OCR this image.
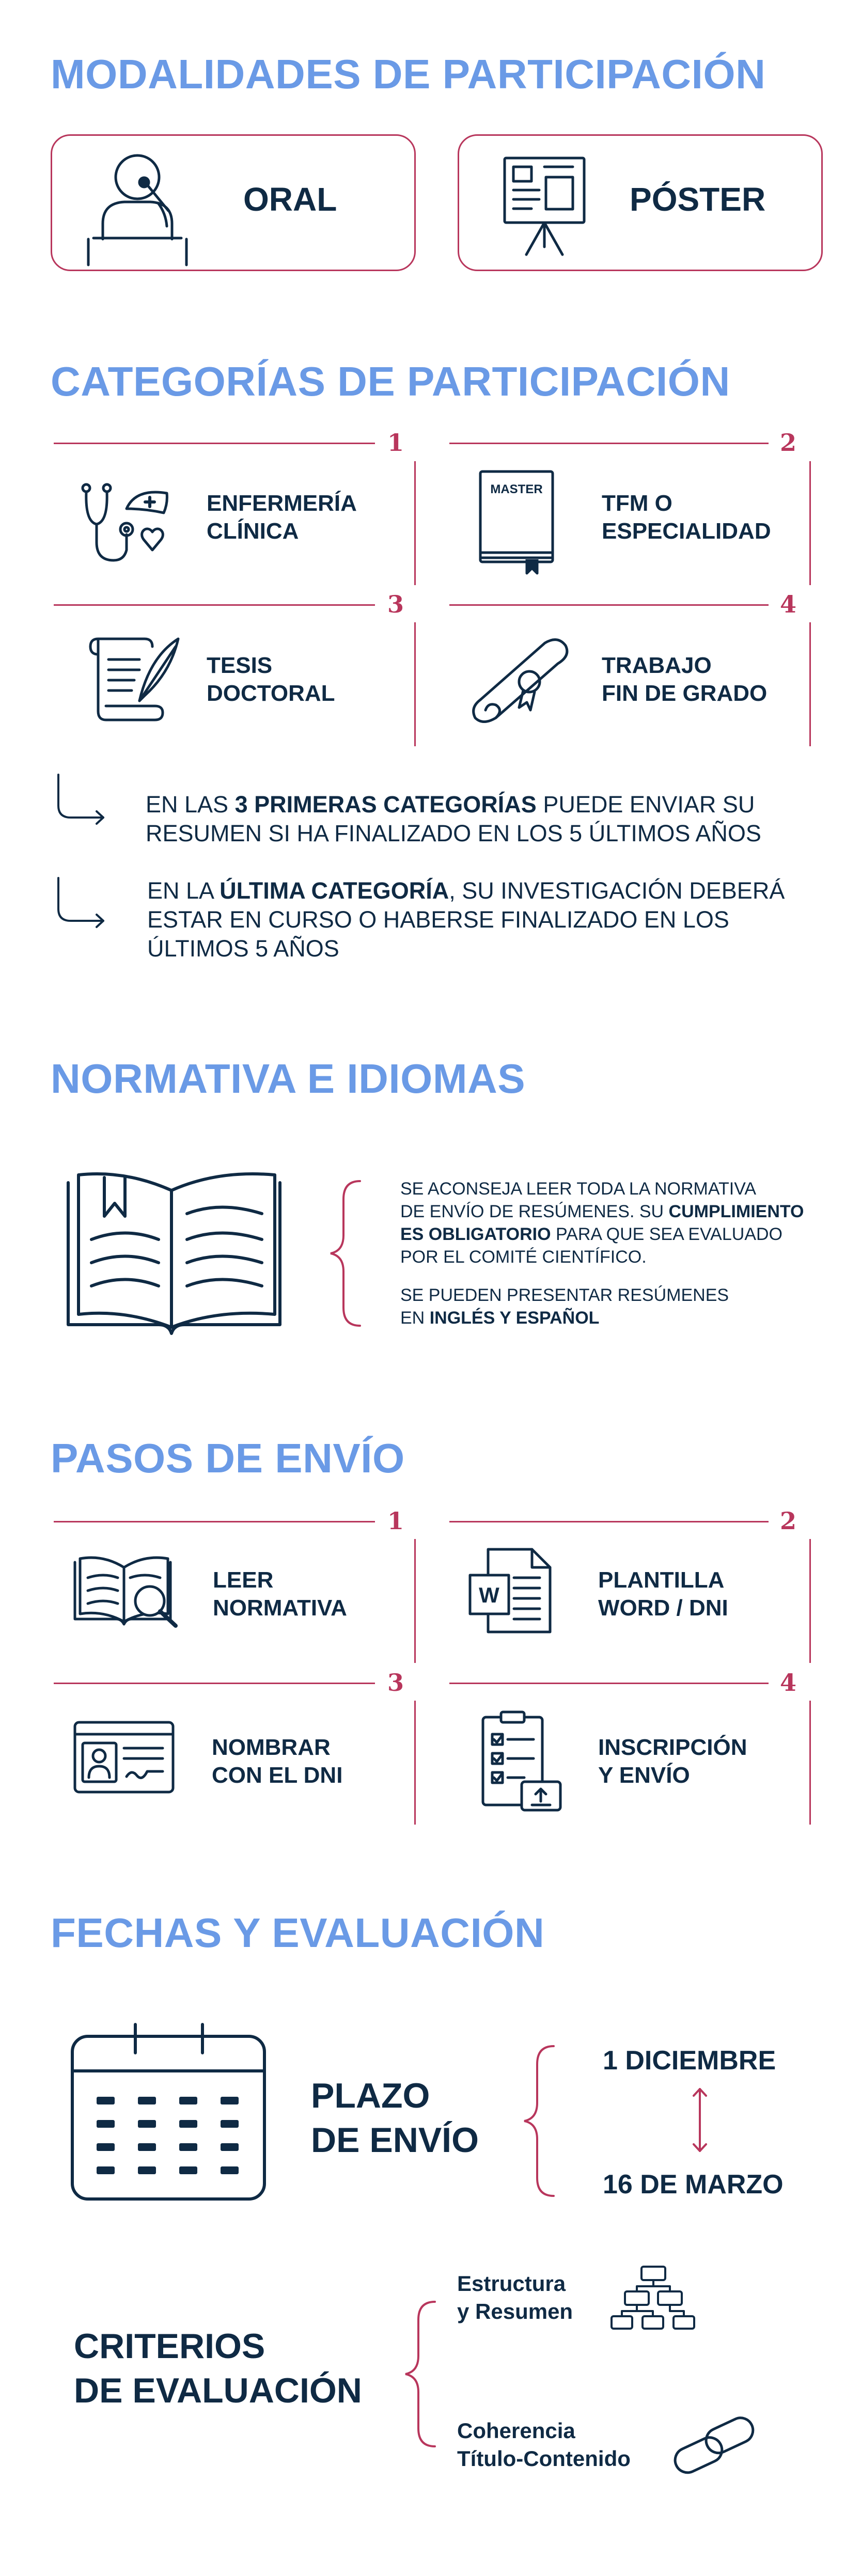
MODALIDADES DE PARTICIPACIÓN
ORAL	PÓSTER
CATEGORÍAS DE PARTICIPACIÓN
1
ENFERMERÍA
CLÍNICA
2
MASTER
TFM O
ESPECIALIDAD
3
TESIS
DOCTORAL
4
TRABAJO
FIN DE GRADO
EN LAS 3 PRIMERAS CATEGORÍAS PUEDE ENVIAR SU
RESUMEN SI HA FINALIZADO EN LOS 5 ÚLTIMOS AÑOS
EN LA ÚLTIMA CATEGORÍA, SU INVESTIGACIÓN DEBERÁ
ESTAR EN CURSO O HABERSE FINALIZADO EN LOS
ÚLTIMOS 5 AÑOS
NORMATIVA E IDIOMAS
SE ACONSEJA LEER TODA LA NORMATIVA
DE ENVÍO DE RESÚMENES. SU CUMPLIMIENTO
ES OBLIGATORIO PARA QUE SEA EVALUADO
POR EL COMITÉ CIENTÍFICO.
SE PUEDEN PRESENTAR RESÚMENES
EN INGLÉS Y ESPAÑOL
PASOS DE ENVÍO
1
LEER
NORMATIVA
2
W
PLANTILLA
WORD / DNI
3
NOMBRAR
CON EL DNI
4
INSCRIPCIÓN
Y ENVÍO
FECHAS Y EVALUACIÓN
PLAZO
DE ENVÍO
1 DICIEMBRE
16 DE MARZO
CRITERIOS
DE EVALUACIÓN
Estructura
y Resumen
Coherencia
Título-Contenido
